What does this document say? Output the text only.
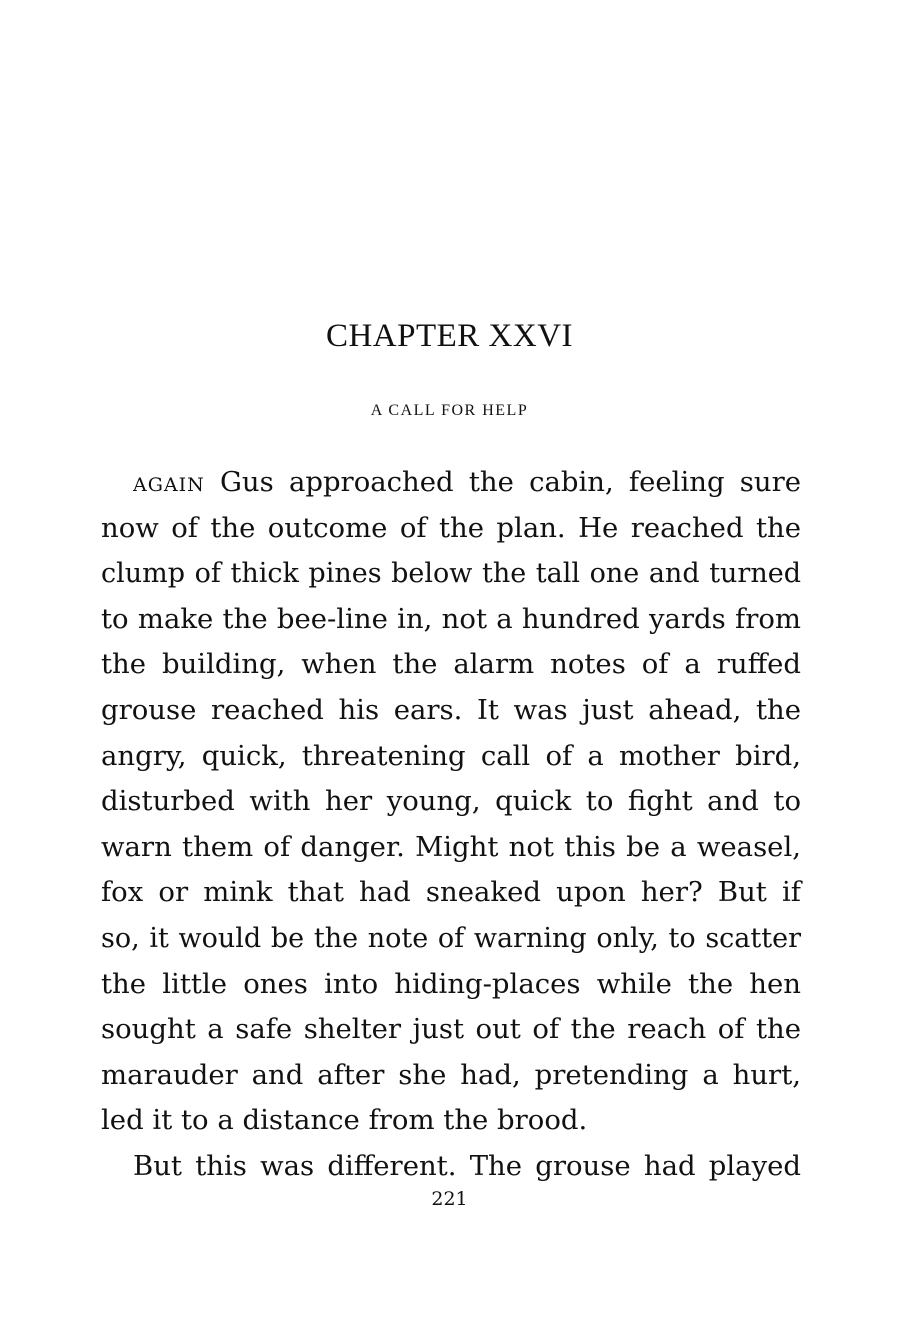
CHAPTER XXVI
A CALL FOR HELP
AGAIN Gus approached the cabin, feeling sure
now of the outcome of the plan. He reached the
clump of thick pines below the tall one and turned
to make the bee-line in, not a hundred yards from
the building, when the alarm notes of a ruffed
grouse reached his ears. It was just ahead, the
angry, quick, threatening call of a mother bird,
disturbed with her young, quick to fight and to
warn them of danger. Might not this be a weasel,
fox or mink that had sneaked upon her? But if
so, it would be the note of warning only, to scatter
the little ones into hiding-places while the hen
sought a safe shelter just out of the reach of the
marauder and after she had, pretending a hurt,
led it to a distance from the brood.
But this was different. The grouse had played
221
